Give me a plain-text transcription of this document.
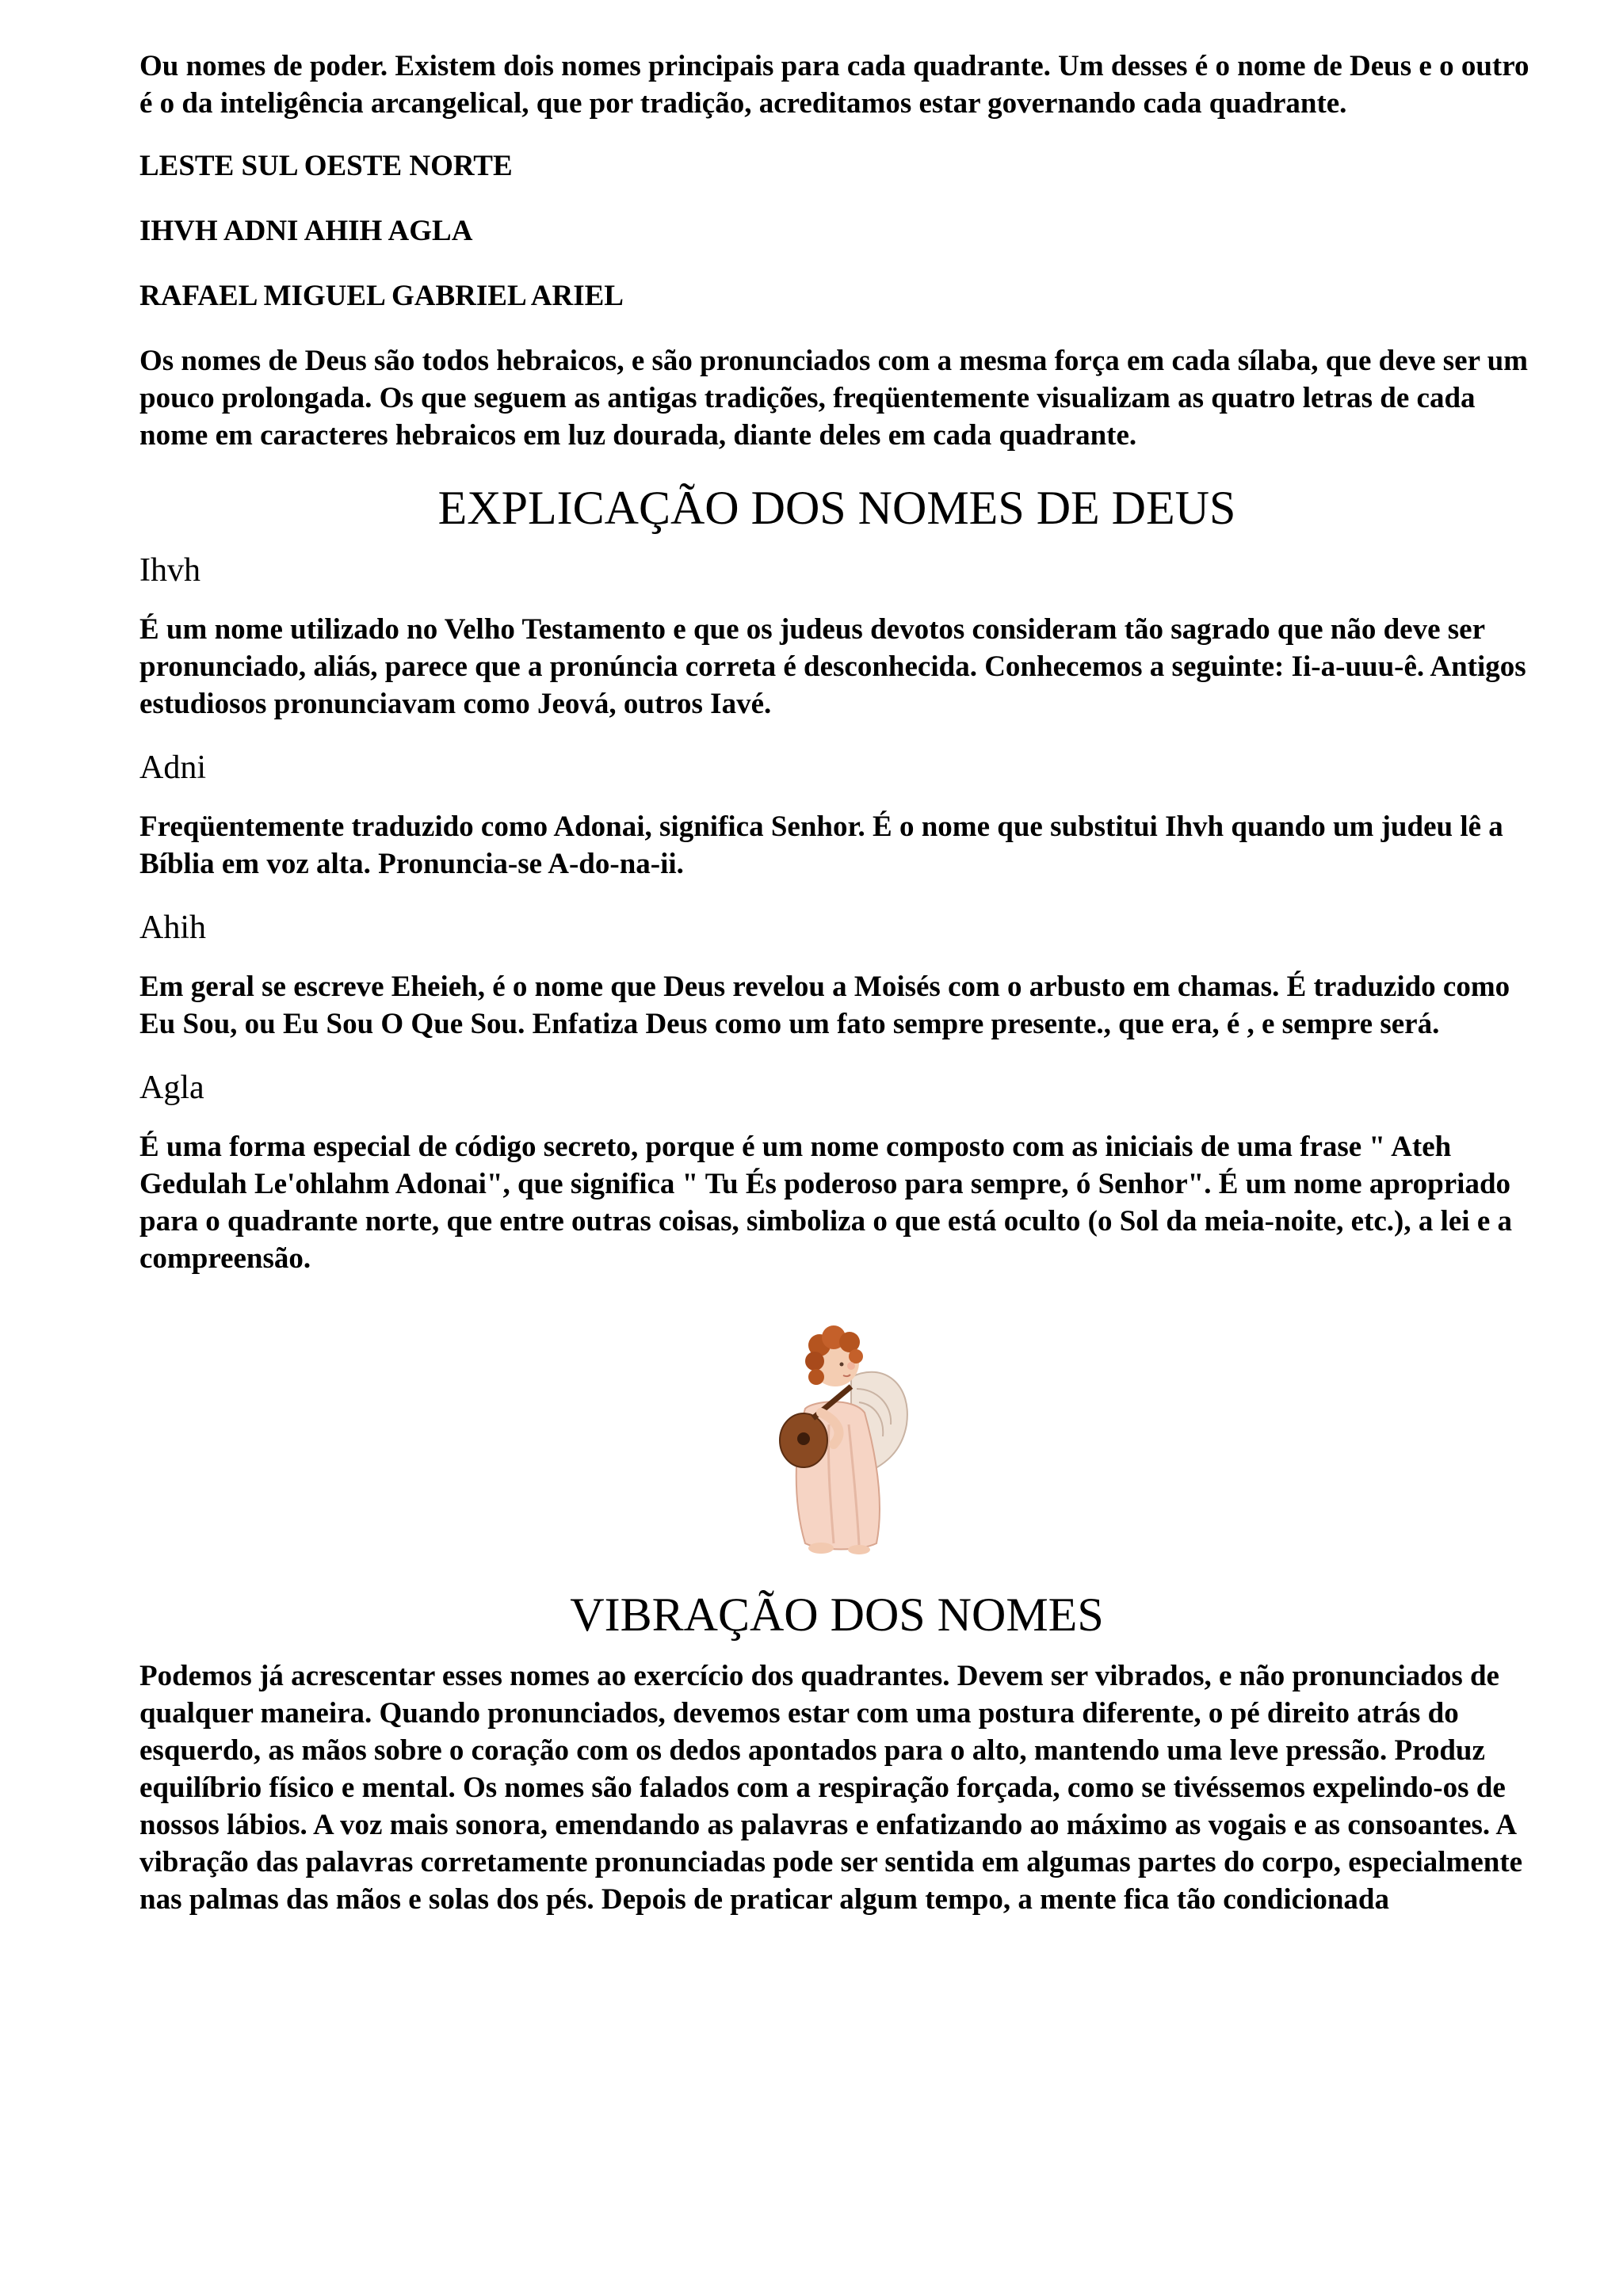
Ou nomes de poder. Existem dois nomes principais para cada quadrante. Um desses é o nome de Deus e o outro é o da inteligência arcangelical, que por tradição, acreditamos estar governando cada quadrante.

LESTE SUL OESTE NORTE

IHVH ADNI AHIH AGLA

RAFAEL MIGUEL GABRIEL ARIEL

Os nomes de Deus são todos hebraicos, e são pronunciados com a mesma força em cada sílaba, que deve ser um pouco prolongada. Os que seguem as antigas tradições, freqüentemente visualizam as quatro letras de cada nome em caracteres hebraicos em luz dourada, diante deles em cada quadrante.

EXPLICAÇÃO DOS NOMES DE DEUS
Ihvh

É um nome utilizado no Velho Testamento e que os judeus devotos consideram tão sagrado que não deve ser pronunciado, aliás, parece que a pronúncia correta é desconhecida. Conhecemos a seguinte: Ii-a-uuu-ê. Antigos estudiosos pronunciavam como Jeová, outros Iavé.

Adni

Freqüentemente traduzido como Adonai, significa Senhor. É o nome que substitui Ihvh quando um judeu lê a Bíblia em voz alta. Pronuncia-se A-do-na-ii.

Ahih

Em geral se escreve Eheieh, é o nome que Deus revelou a Moisés com o arbusto em chamas. É traduzido como Eu Sou, ou Eu Sou O Que Sou. Enfatiza Deus como um fato sempre presente., que era, é , e sempre será.

Agla

É uma forma especial de código secreto, porque é um nome composto com as iniciais de uma frase " Ateh Gedulah Le'ohlahm Adonai", que significa " Tu És poderoso para sempre, ó Senhor". É um nome apropriado para o quadrante norte, que entre outras coisas, simboliza o que está oculto (o Sol da meia-noite, etc.), a lei e a compreensão.

VIBRAÇÃO DOS NOMES

Podemos já acrescentar esses nomes ao exercício dos quadrantes. Devem ser vibrados, e não pronunciados de qualquer maneira. Quando pronunciados, devemos estar com uma postura diferente, o pé direito atrás do esquerdo, as mãos sobre o coração com os dedos apontados para o alto, mantendo uma leve pressão. Produz equilíbrio físico e mental. Os nomes são falados com a respiração forçada, como se tivéssemos expelindo-os de nossos lábios. A voz mais sonora, emendando as palavras e enfatizando ao máximo as vogais e as consoantes. A vibração das palavras corretamente pronunciadas pode ser sentida em algumas partes do corpo, especialmente nas palmas das mãos e solas dos pés. Depois de praticar algum tempo, a mente fica tão condicionada
